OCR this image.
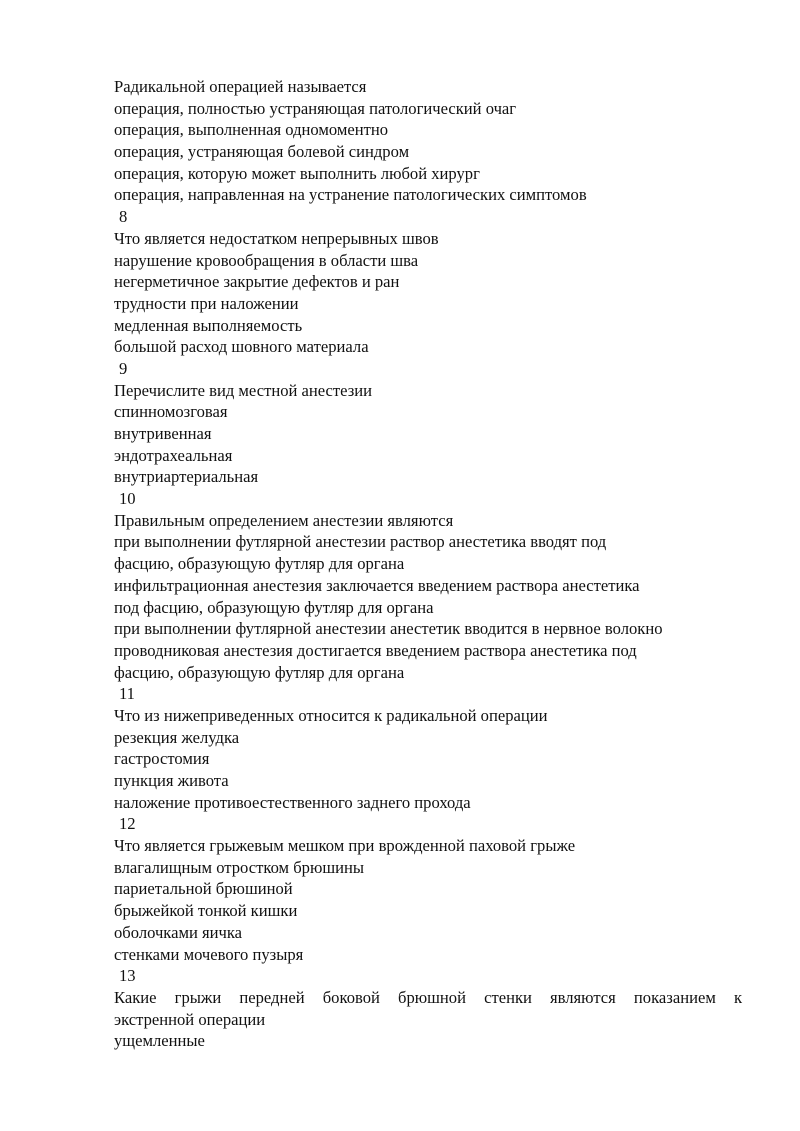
Радикальной операцией называется
операция, полностью устраняющая патологический очаг
операция, выполненная одномоментно
операция, устраняющая болевой синдром
операция, которую может выполнить любой хирург
операция, направленная на устранение патологических симптомов
8
Что является недостатком непрерывных швов
нарушение кровообращения в области шва
негерметичное закрытие дефектов и ран
трудности при наложении
медленная выполняемость
большой расход шовного материала
9
Перечислите вид местной анестезии
спинномозговая
внутривенная
эндотрахеальная
внутриартериальная
10
Правильным определением анестезии являются
при выполнении футлярной анестезии раствор анестетика вводят под
фасцию, образующую футляр для органа
инфильтрационная анестезия заключается введением раствора анестетика
под фасцию, образующую футляр для органа
при выполнении футлярной анестезии анестетик вводится в нервное волокно
проводниковая анестезия достигается введением раствора анестетика под
фасцию, образующую футляр для органа
11
Что из нижеприведенных относится к радикальной операции
резекция желудка
гастростомия
пункция живота
наложение противоестественного заднего прохода
12
Что является грыжевым мешком при врожденной паховой грыже
влагалищным отростком брюшины
париетальной брюшиной
брыжейкой тонкой кишки
оболочками яичка
стенками мочевого пузыря
13
Какие грыжи передней боковой брюшной стенки являются показанием к
экстренной операции
ущемленные
